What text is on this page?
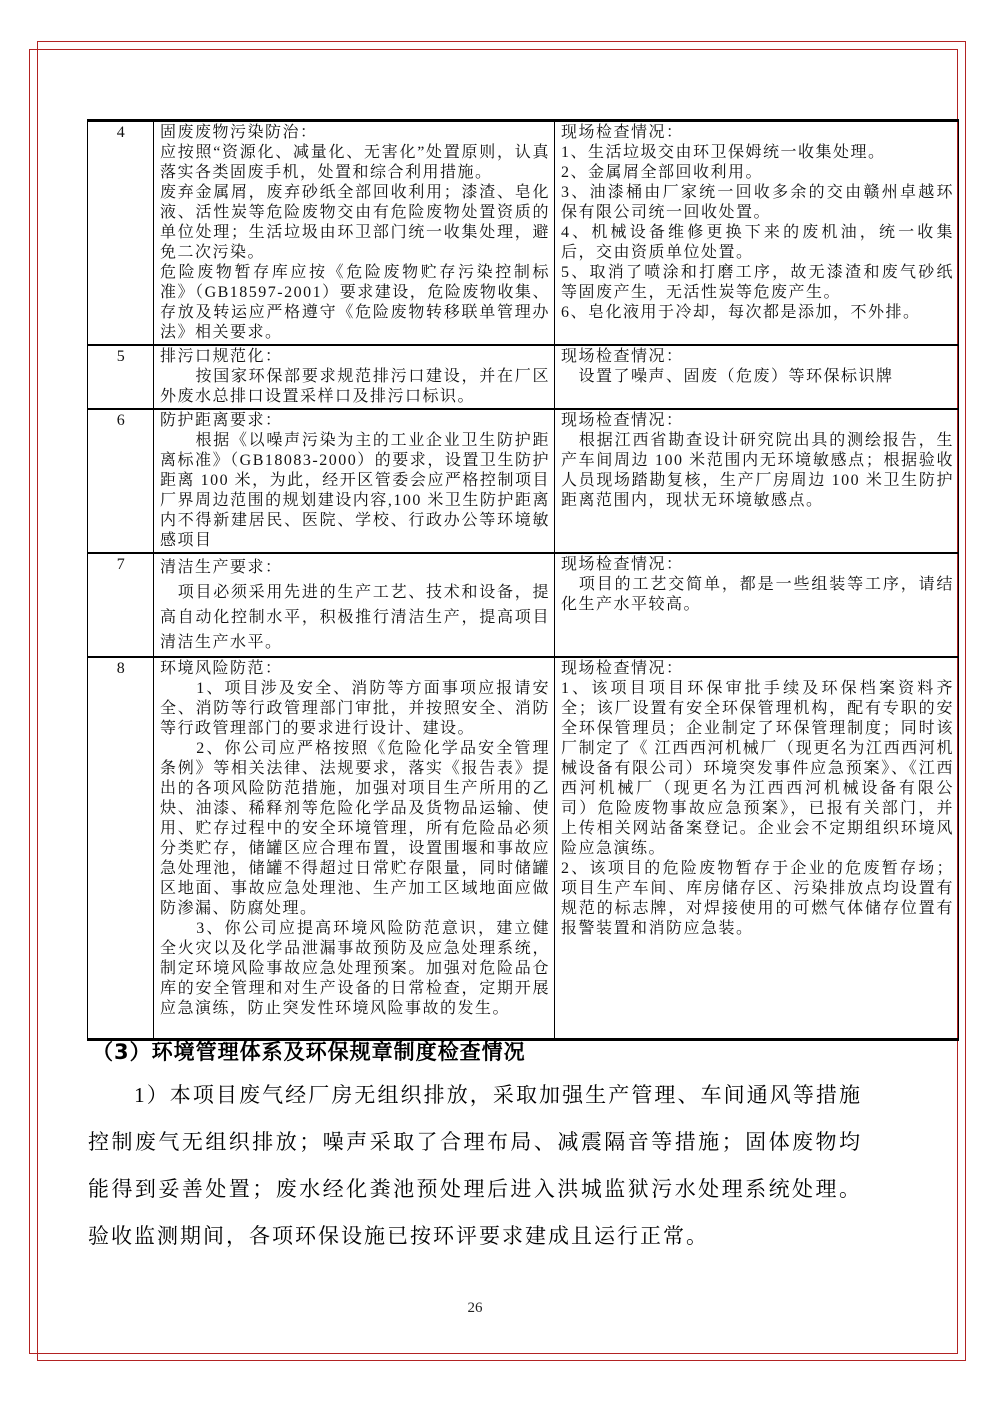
4	固废废物污染防治：
应按照“资源化、减量化、无害化”处置原则，认真落实各类固废手机，处置和综合利用措施。
废弃金属屑，废弃砂纸全部回收利用；漆渣、皂化液、活性炭等危险废物交由有危险废物处置资质的单位处理；生活垃圾由环卫部门统一收集处理，避免二次污染。
危险废物暂存库应按《危险废物贮存污染控制标准》（GB18597-2001）要求建设，危险废物收集、存放及转运应严格遵守《危险废物转移联单管理办法》相关要求。

现场检查情况：
1、生活垃圾交由环卫保姆统一收集处理。
2、金属屑全部回收利用。
3、油漆桶由厂家统一回收多余的交由赣州卓越环保有限公司统一回收处置。
4、机械设备维修更换下来的废机油，统一收集后，交由资质单位处置。
5、取消了喷涂和打磨工序，故无漆渣和废气砂纸等固废产生，无活性炭等危废产生。
6、皂化液用于冷却，每次都是添加，不外排。

5	排污口规范化：
　　按国家环保部要求规范排污口建设，并在厂区外废水总排口设置采样口及排污口标识。

现场检查情况：
　设置了噪声、固废（危废）等环保标识牌

6	防护距离要求：
　　根据《以噪声污染为主的工业企业卫生防护距离标准》（GB18083-2000）的要求，设置卫生防护距离 100 米，为此，经开区管委会应严格控制项目厂界周边范围的规划建设内容,100 米卫生防护距离内不得新建居民、医院、学校、行政办公等环境敏感项目

现场检查情况：
　根据江西省勘查设计研究院出具的测绘报告，生产车间周边 100 米范围内无环境敏感点；根据验收人员现场踏勘复核，生产厂房周边 100 米卫生防护距离范围内，现状无环境敏感点。

7	清洁生产要求：
　项目必须采用先进的生产工艺、技术和设备，提高自动化控制水平，积极推行清洁生产，提高项目清洁生产水平。

现场检查情况：
　项目的工艺交简单，都是一些组装等工序，请结化生产水平较高。

8	环境风险防范：
　　1、项目涉及安全、消防等方面事项应报请安全、消防等行政管理部门审批，并按照安全、消防等行政管理部门的要求进行设计、建设。
　　2、你公司应严格按照《危险化学品安全管理条例》等相关法律、法规要求，落实《报告表》提出的各项风险防范措施，加强对项目生产所用的乙炔、油漆、稀释剂等危险化学品及货物品运输、使用、贮存过程中的安全环境管理，所有危险品必须分类贮存，储罐区应合理布置，设置围堰和事故应急处理池，储罐不得超过日常贮存限量，同时储罐区地面、事故应急处理池、生产加工区域地面应做防渗漏、防腐处理。
　　3、你公司应提高环境风险防范意识，建立健全火灾以及化学品泄漏事故预防及应急处理系统，制定环境风险事故应急处理预案。加强对危险品仓库的安全管理和对生产设备的日常检查，定期开展应急演练，防止突发性环境风险事故的发生。

现场检查情况：
1、该项目项目环保审批手续及环保档案资料齐全；该厂设置有安全环保管理机构，配有专职的安全环保管理员；企业制定了环保管理制度；同时该厂制定了《 江西西河机械厂（现更名为江西西河机械设备有限公司）环境突发事件应急预案》、《江西西河机械厂（现更名为江西西河机械设备有限公司）危险废物事故应急预案》，已报有关部门，并上传相关网站备案登记。企业会不定期组织环境风险应急演练。
2、该项目的危险废物暂存于企业的危废暂存场；项目生产车间、库房储存区、污染排放点均设置有规范的标志牌，对焊接使用的可燃气体储存位置有报警装置和消防应急装。
（3）环境管理体系及环保规章制度检查情况
　　1）本项目废气经厂房无组织排放，采取加强生产管理、车间通风等措施控制废气无组织排放；噪声采取了合理布局、减震隔音等措施；固体废物均能得到妥善处置；废水经化粪池预处理后进入洪城监狱污水处理系统处理。验收监测期间，各项环保设施已按环评要求建成且运行正常。
26
